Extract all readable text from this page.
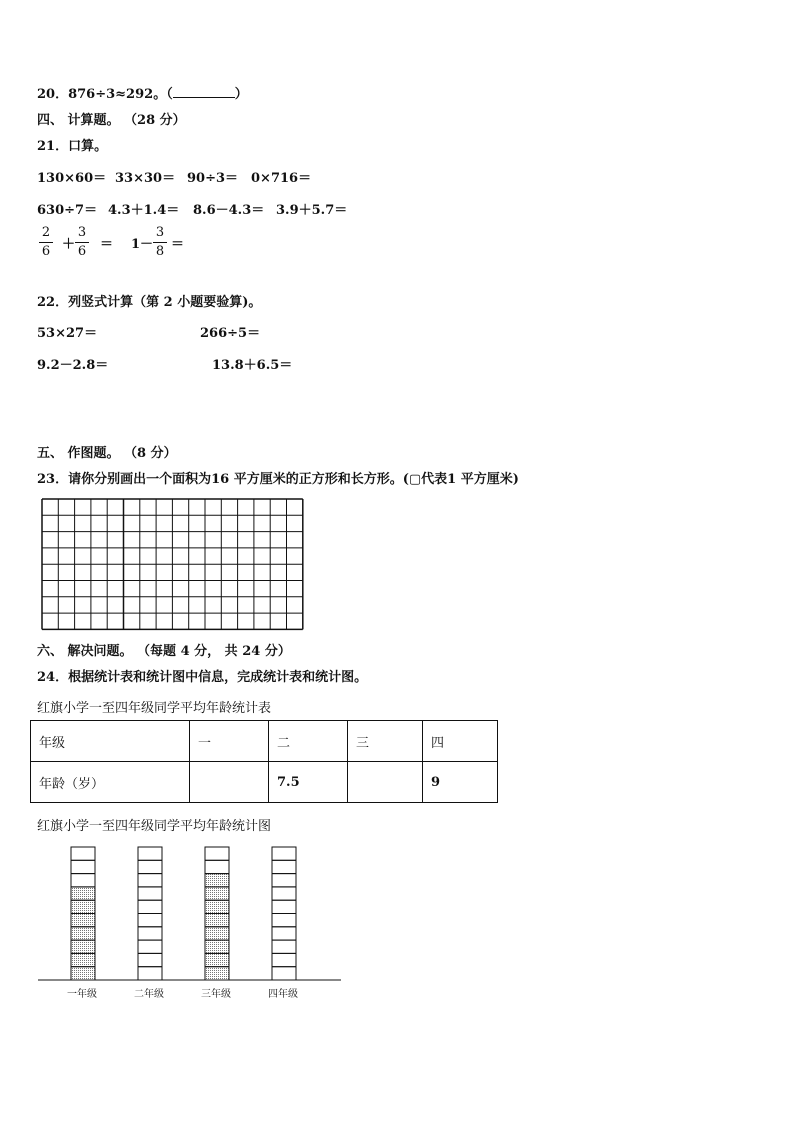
20．876÷3≈292。（	）
四、 计算题。 （28 分）
21．口算。
130×60＝ 33×30＝ 90÷3＝ 0×716＝
630÷7＝ 4.3＋1.4＝ 8.6－4.3＝ 3.9＋5.7＝
2
6 ＋
3
6 ＝ 1－
3
8 ＝
22．列竖式计算（第 2 小题要验算)。
53×27＝	266÷5＝
9.2－2.8＝	13.8＋6.5＝
五、 作图题。 （8 分）
23．请你分别画出一个面积为16 平方厘米的正方形和长方形。(▢代表1 平方厘米)
六、 解决问题。 （每题 4 分， 共 24 分）
24．根据统计表和统计图中信息，完成统计表和统计图。
红旗小学一至四年级同学平均年龄统计表
年级	一	二	三	四
年龄（岁）		7.5		9
红旗小学一至四年级同学平均年龄统计图
一年级	二年级	三年级	四年级
